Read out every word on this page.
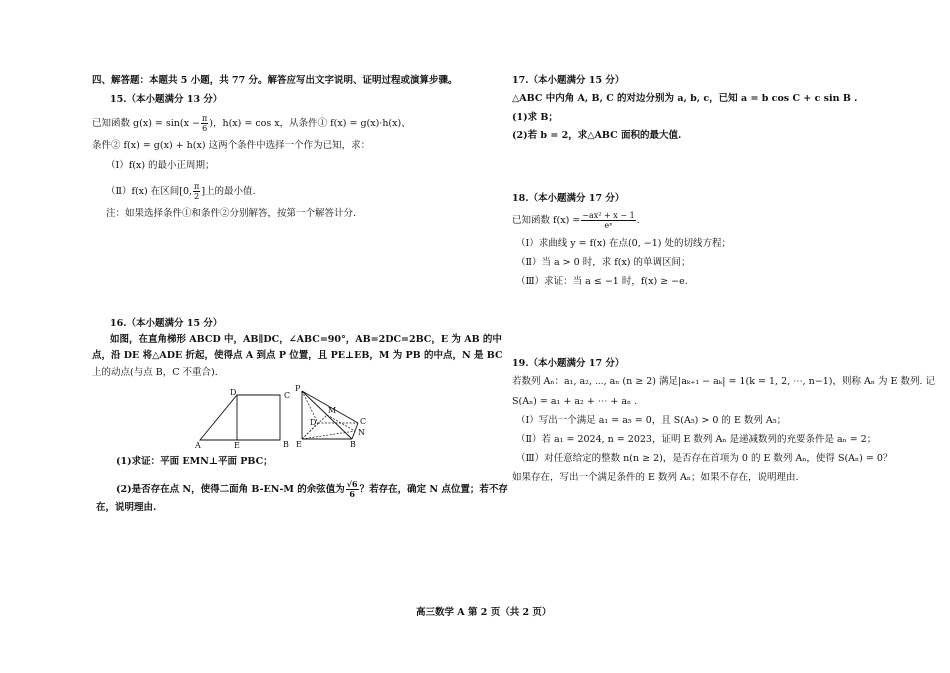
四、解答题：本题共 5 小题，共 77 分。解答应写出文字说明、证明过程或演算步骤。
15.（本小题满分 13 分）
已知函数 $g(x) = \sin(x - \frac{\pi}{6}$ )，h(x) = cos x，从条件① f(x) = g(x)·h(x)、
条件② f(x) = g(x) + h(x) 这两个条件中选择一个作为已知，求：
（Ⅰ）f(x) 的最小正周期；
（Ⅱ）f(x) 在区间[0, $\frac{\pi}{2}$ ]上的最小值.
注：如果选择条件①和条件②分别解答，按第一个解答计分.
16.（本小题满分 15 分）
如图，在直角梯形 ABCD 中，AB∥DC，∠ABC=90°，AB=2DC=2BC，E 为 AB 的中
点，沿 DE 将△ADE 折起，使得点 A 到点 P 位置，且 PE⊥EB，M 为 PB 的中点，N 是 BC
上的动点(与点 B，C 不重合).
D	C
A	E	B
P
M
D	C
N
E	B
(1)求证：平面 EMN⊥平面 PBC；
(2)是否存在点 N，使得二面角 B-EN-M 的余弦值为 $\frac{√6}{6}$ ？若存在，确定 N 点位置；若不存
在，说明理由.
17.（本小题满分 15 分）
△ABC 中内角 A, B, C 的对边分别为 a, b, c，已知 a = b cos C + c sin B .
(1)求 B；
(2)若 b = 2，求△ABC 面积的最大值.
18.（本小题满分 17 分）
已知函数 $f(x) = \frac{\text{−ax² + x − 1}}{\text{eˣ}}$ .
（Ⅰ）求曲线 y = f(x) 在点(0, −1) 处的切线方程；
（Ⅱ）当 a > 0 时，求 f(x) 的单调区间；
（Ⅲ）求证：当 a ≤ −1 时，f(x) ≥ −e.
19.（本小题满分 17 分）
若数列 Aₙ：a₁, a₂, ⋯, aₙ (n ≥ 2) 满足|aₖ₊₁ − aₖ| = 1(k = 1, 2, ⋯, n−1)，则称 Aₙ 为 E 数列. 记
S(Aₙ) = a₁ + a₂ + ⋯ + aₙ .
（Ⅰ）写出一个满足 a₁ = a₅ = 0，且 S(A₅) > 0 的 E 数列 A₅；
（Ⅱ）若 a₁ = 2024, n = 2023，证明 E 数列 Aₙ 是递减数列的充要条件是 aₙ = 2；
（Ⅲ）对任意给定的整数 n(n ≥ 2)，是否存在首项为 0 的 E 数列 Aₙ，使得 S(Aₙ) = 0？
如果存在，写出一个满足条件的 E 数列 Aₙ；如果不存在，说明理由.
高三数学 A 第 2 页（共 2 页）
